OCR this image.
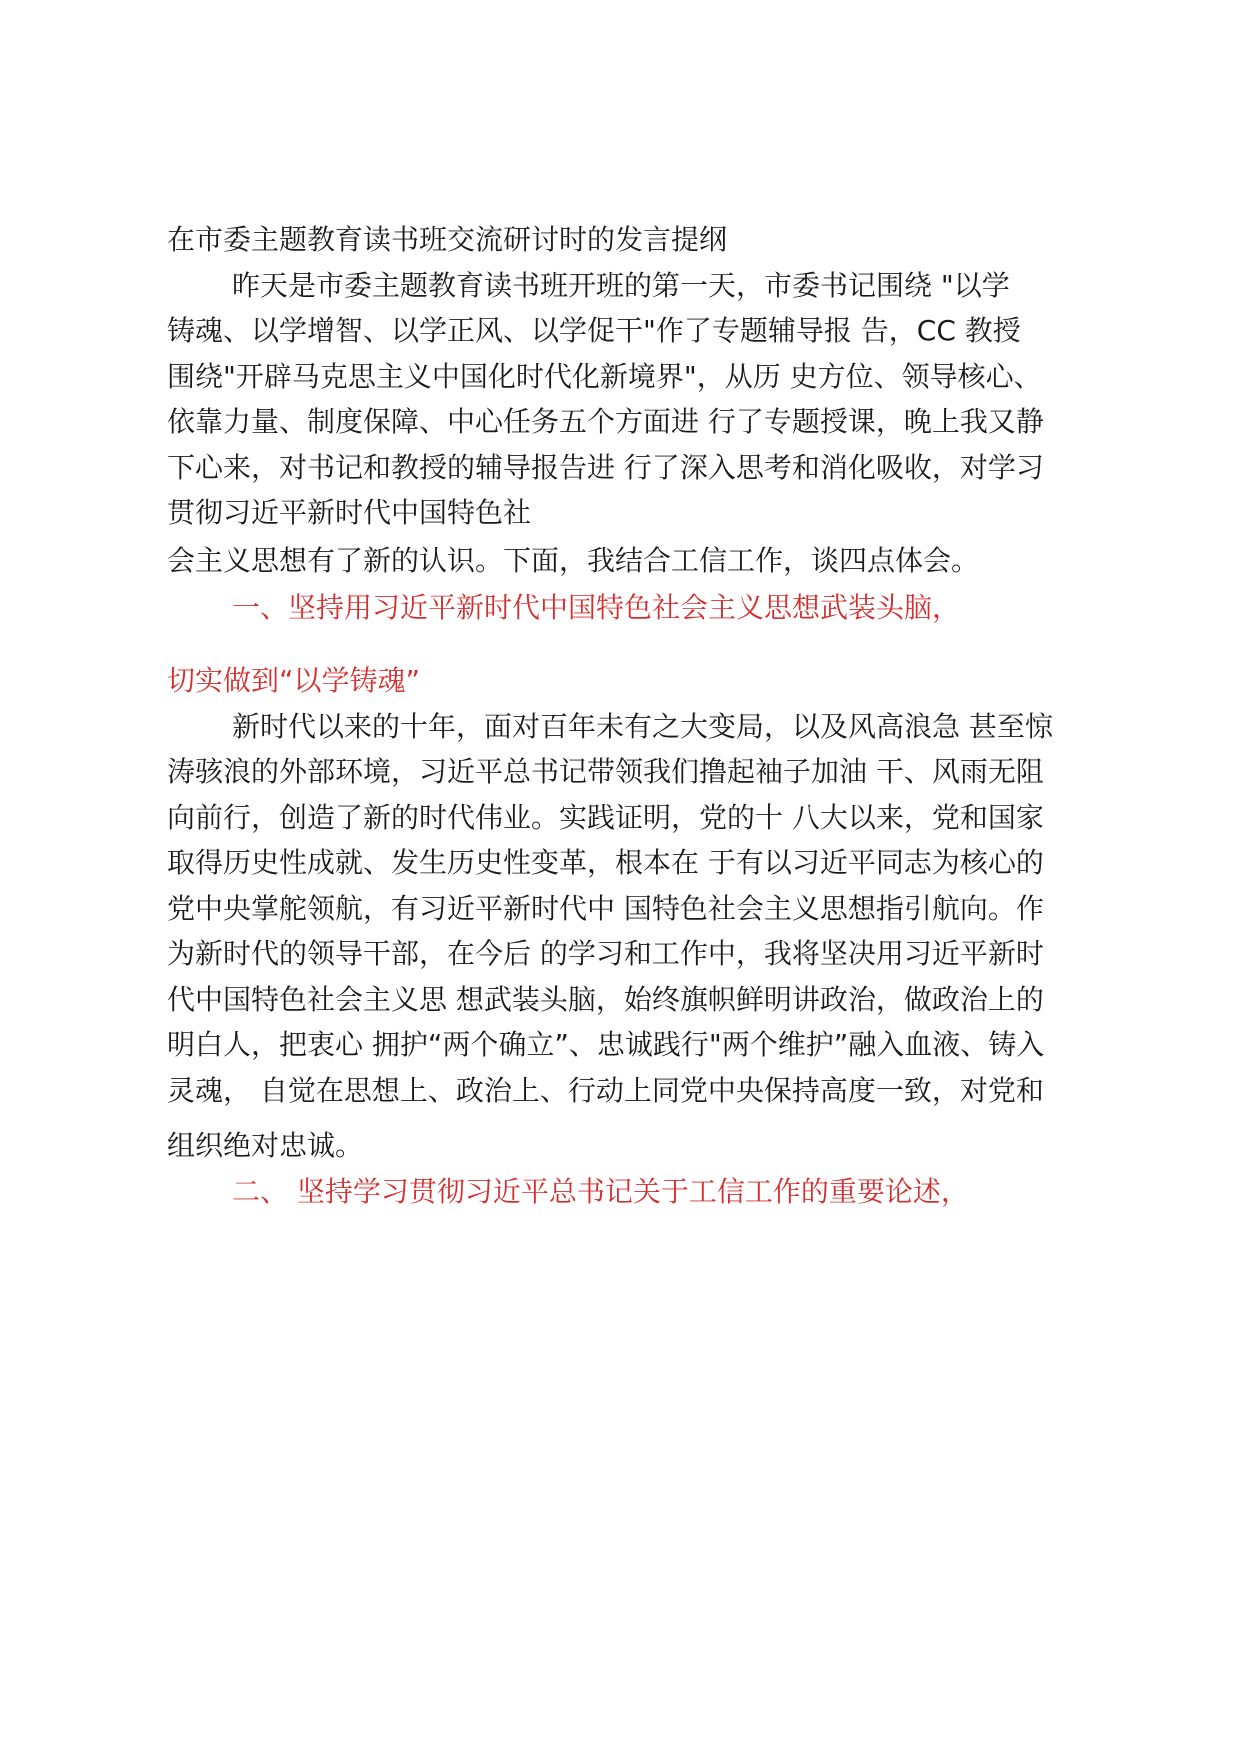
在市委主题教育读书班交流研讨时的发言提纲

昨天是市委主题教育读书班开班的第一天，市委书记围绕 "以学

铸魂、以学增智、以学正风、以学促干"作了专题辅导报 告，CC 教授

围绕"开辟马克思主义中国化时代化新境界"，从历 史方位、领导核心、

依靠力量、制度保障、中心任务五个方面进 行了专题授课，晚上我又静

下心来，对书记和教授的辅导报告进 行了深入思考和消化吸收，对学习

贯彻习近平新时代中国特色社

会主义思想有了新的认识。下面，我结合工信工作，谈四点体会。

一、坚持用习近平新时代中国特色社会主义思想武装头脑，

切实做到“以学铸魂”

新时代以来的十年，面对百年未有之大变局，以及风高浪急 甚至惊

涛骇浪的外部环境，习近平总书记带领我们撸起袖子加油 干、风雨无阻

向前行，创造了新的时代伟业。实践证明，党的十 八大以来，党和国家

取得历史性成就、发生历史性变革，根本在 于有以习近平同志为核心的

党中央掌舵领航，有习近平新时代中 国特色社会主义思想指引航向。作

为新时代的领导干部，在今后 的学习和工作中，我将坚决用习近平新时

代中国特色社会主义思 想武装头脑，始终旗帜鲜明讲政治，做政治上的

明白人，把衷心 拥护“两个确立”、忠诚践行"两个维护”融入血液、铸入

灵魂， 自觉在思想上、政治上、行动上同党中央保持高度一致，对党和

组织绝对忠诚。

二、 坚持学习贯彻习近平总书记关于工信工作的重要论述，
